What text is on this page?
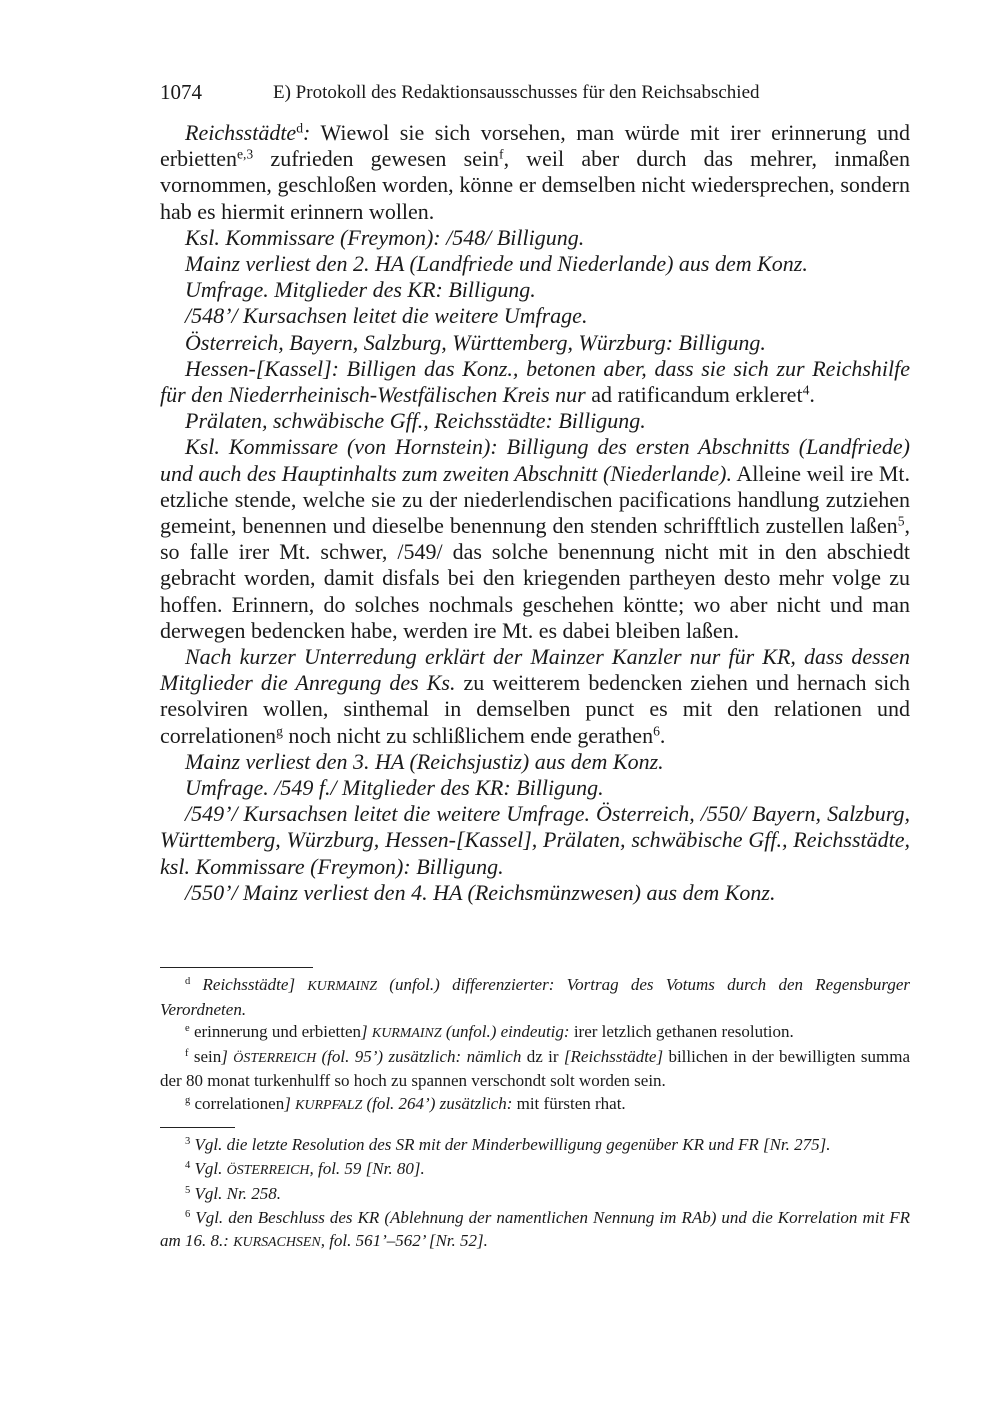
1074	E) Protokoll des Redaktionsausschusses für den Reichsabschied

Reichsstädte$^d$: Wiewol sie sich vorsehen, man würde mit irer erinnerung und erbietten$^{e,3}$ zufrieden gewesen sein$^f$, weil aber durch das mehrer, inmaßen vornommen, geschloßen worden, könne er demselben nicht wiedersprechen, sondern hab es hiermit erinnern wollen.

Ksl. Kommissare (Freymon): /548/ Billigung.

Mainz verliest den 2. HA (Landfriede und Niederlande) aus dem Konz.

Umfrage. Mitglieder des KR: Billigung.

/548’/ Kursachsen leitet die weitere Umfrage.

Österreich, Bayern, Salzburg, Württemberg, Würzburg: Billigung.

Hessen-[Kassel]: Billigen das Konz., betonen aber, dass sie sich zur Reichshilfe für den Niederrheinisch-Westfälischen Kreis nur ad ratificandum erkleret$^4$.

Prälaten, schwäbische Gff., Reichsstädte: Billigung.

Ksl. Kommissare (von Hornstein): Billigung des ersten Abschnitts (Landfriede) und auch des Hauptinhalts zum zweiten Abschnitt (Niederlande). Alleine weil ire Mt. etzliche stende, welche sie zu der niederlendischen pacifications handlung zutziehen gemeint, benennen und dieselbe benennung den stenden schrifftlich zustellen laßen$^5$, so falle irer Mt. schwer, /549/ das solche benennung nicht mit in den abschiedt gebracht worden, damit disfals bei den kriegenden partheyen desto mehr volge zu hoffen. Erinnern, do solches nochmals geschehen köntte; wo aber nicht und man derwegen bedencken habe, werden ire Mt. es dabei bleiben laßen.

Nach kurzer Unterredung erklärt der Mainzer Kanzler nur für KR, dass dessen Mitglieder die Anregung des Ks. zu weitterem bedencken ziehen und hernach sich resolviren wollen, sinthemal in demselben punct es mit den relationen und correlationen$^g$ noch nicht zu schlißlichem ende gerathen$^6$.

Mainz verliest den 3. HA (Reichsjustiz) aus dem Konz.

Umfrage. /549 f./ Mitglieder des KR: Billigung.

/549’/ Kursachsen leitet die weitere Umfrage. Österreich, /550/ Bayern, Salzburg, Württemberg, Würzburg, Hessen-[Kassel], Prälaten, schwäbische Gff., Reichsstädte, ksl. Kommissare (Freymon): Billigung.

/550’/ Mainz verliest den 4. HA (Reichsmünzwesen) aus dem Konz.

$^d$ Reichsstädte] KURMAINZ (unfol.) differenzierter: Vortrag des Votums durch den Regensburger Verordneten.

$^e$ erinnerung und erbietten] KURMAINZ (unfol.) eindeutig: irer letzlich gethanen resolution.

$^f$ sein] ÖSTERREICH (fol. 95’) zusätzlich: nämlich dz ir [Reichsstädte] billichen in der bewilligten summa der 80 monat turkenhulff so hoch zu spannen verschondt solt worden sein.

$^g$ correlationen] KURPFALZ (fol. 264’) zusätzlich: mit fürsten rhat.

$^3$ Vgl. die letzte Resolution des SR mit der Minderbewilligung gegenüber KR und FR [Nr. 275].

$^4$ Vgl. ÖSTERREICH, fol. 59 [Nr. 80].

$^5$ Vgl. Nr. 258.

$^6$ Vgl. den Beschluss des KR (Ablehnung der namentlichen Nennung im RAb) und die Korrelation mit FR am 16. 8.: KURSACHSEN, fol. 561’–562’ [Nr. 52].
